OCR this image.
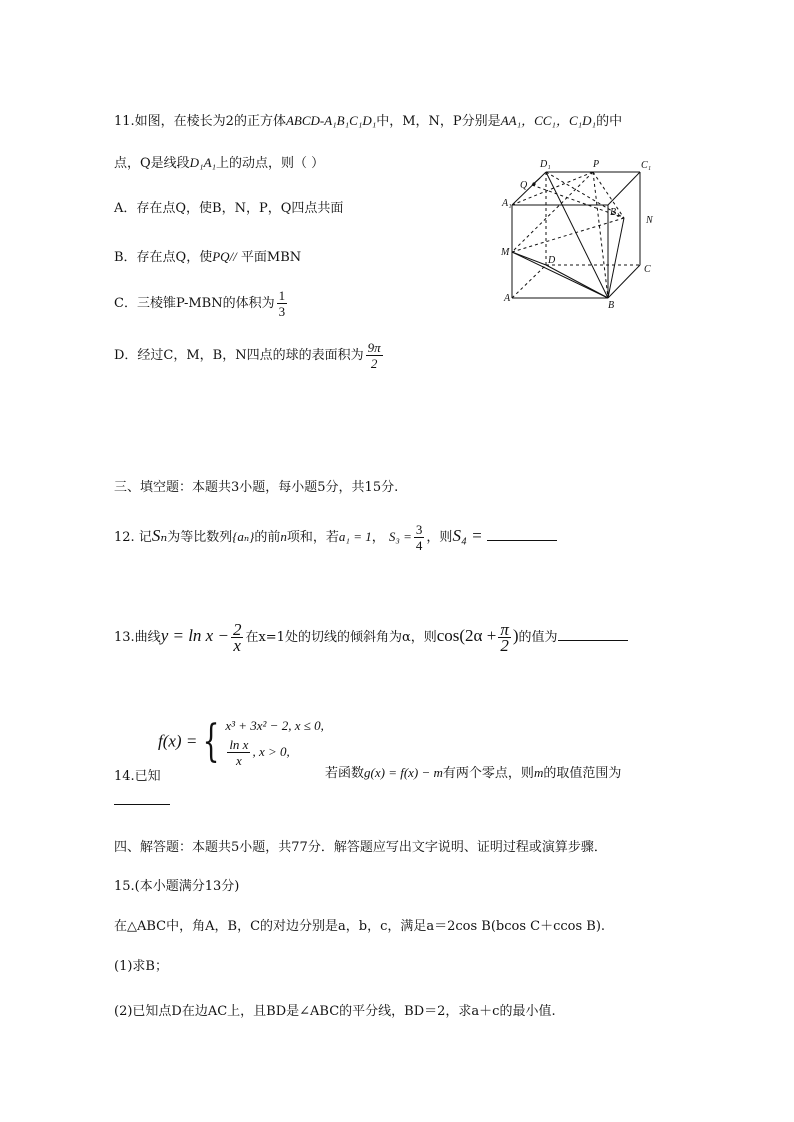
11.如图，在棱长为2的正方体ABCD-A₁B₁C₁D₁中，M，N，P分别是AA₁，CC₁，C₁D₁的中
点，Q是线段D₁A₁上的动点，则（ ）
A．存在点Q，使B，N，P，Q四点共面
B．存在点Q，使PQ// 平面MBN
C．三棱锥P-MBN的体积为 $\frac{1}{3}$
D．经过C，M，B，N四点的球的表面积为 $\frac{9\pi}{2}$
D₁	P	C₁
Q
A₁
B₁
N
M
D
C
A
B
三、填空题：本题共3小题，每小题5分，共15分.
12. 记Sₙ为等比数列{aₙ}的前n项和，若a₁ = 1， $S_3 = \frac{3}{4}$ ，则S₄ =
13.曲线$y = \ln x - \frac{2}{x}$ 在x=1处的切线的倾斜角为α，则$\cos(2\alpha + \frac{\pi}{2}$ )的值为
f(x) = { x³ + 3x² − 2, x ≤ 0,
$\frac{\text{ln x}}{x}$ , x > 0,
14.已知	若函数g(x) = f(x) − m有两个零点，则m的取值范围为
四、解答题：本题共5小题，共77分．解答题应写出文字说明、证明过程或演算步骤．
15.(本小题满分13分)
在△ABC中，角A，B，C的对边分别是a，b，c，满足a＝2cos B(bcos C＋ccos B).
(1)求B；
(2)已知点D在边AC上，且BD是∠ABC的平分线，BD＝2，求a＋c的最小值.
